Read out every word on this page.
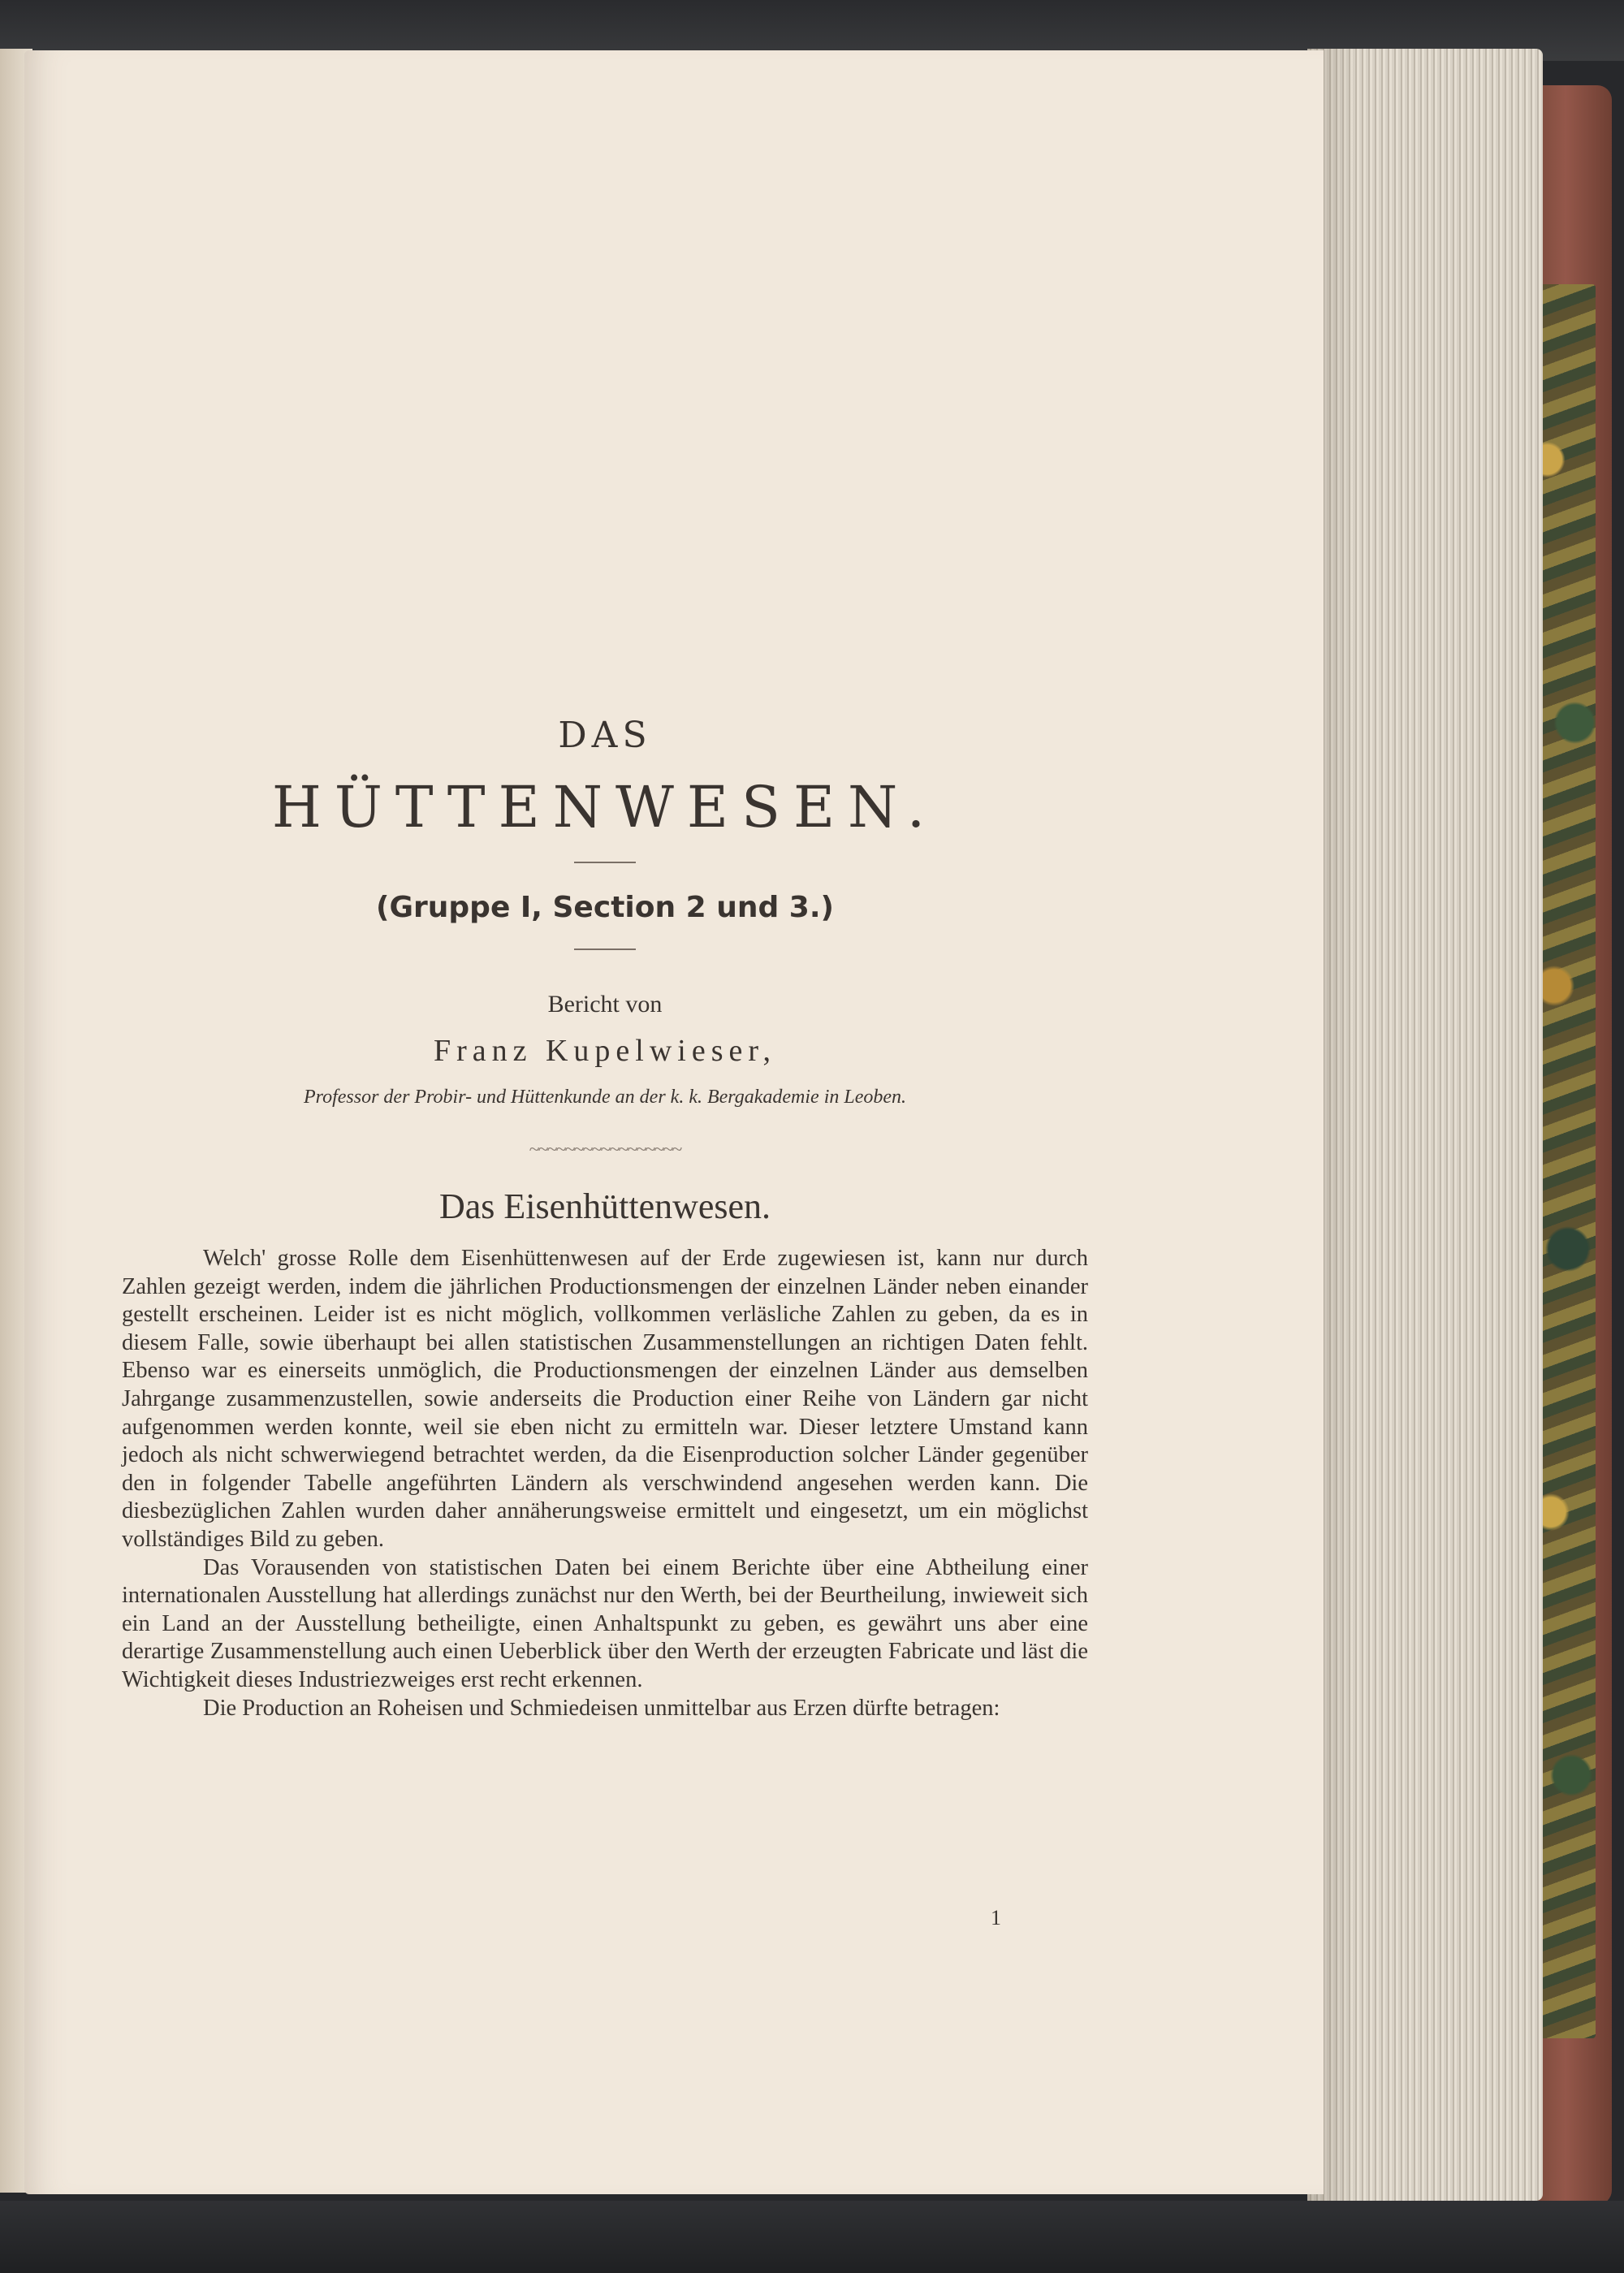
DAS
HÜTTENWESEN.
(Gruppe I, Section 2 und 3.)
Bericht von
Franz Kupelwieser,
Professor der Probir- und Hüttenkunde an der k. k. Bergakademie in Leoben.
~~~~~~~~~~~~~~~~~
Das Eisenhüttenwesen.

Welch' grosse Rolle dem Eisenhüttenwesen auf der Erde zugewiesen ist, kann nur durch Zahlen gezeigt werden, indem die jährlichen Productionsmengen der einzelnen Länder neben einander gestellt erscheinen. Leider ist es nicht möglich, vollkommen verläsliche Zahlen zu geben, da es in diesem Falle, sowie überhaupt bei allen statistischen Zusammenstellungen an richtigen Daten fehlt. Ebenso war es einerseits unmöglich, die Productionsmengen der einzelnen Länder aus demselben Jahrgange zusammenzustellen, sowie anderseits die Production einer Reihe von Ländern gar nicht aufgenommen werden konnte, weil sie eben nicht zu ermitteln war. Dieser letztere Umstand kann jedoch als nicht schwerwiegend betrachtet werden, da die Eisenproduction solcher Länder gegenüber den in folgender Tabelle angeführten Ländern als verschwindend angesehen werden kann. Die diesbezüglichen Zahlen wurden daher annäherungsweise ermittelt und eingesetzt, um ein möglichst vollständiges Bild zu geben.

Das Vorausenden von statistischen Daten bei einem Berichte über eine Abtheilung einer internationalen Ausstellung hat allerdings zunächst nur den Werth, bei der Beurtheilung, inwieweit sich ein Land an der Ausstellung betheiligte, einen Anhaltspunkt zu geben, es gewährt uns aber eine derartige Zusammenstellung auch einen Ueberblick über den Werth der erzeugten Fabricate und läst die Wichtigkeit dieses Industriezweiges erst recht erkennen.

Die Production an Roheisen und Schmiedeisen unmittelbar aus Erzen dürfte betragen:

1
